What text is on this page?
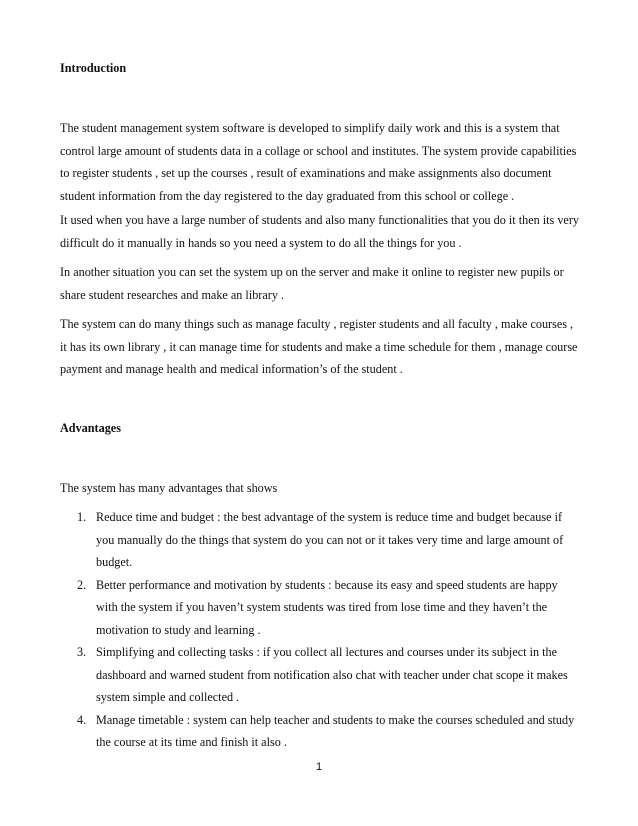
Introduction

The student management system software is developed to simplify daily work and this is a system that control large amount of students data in a collage or school and institutes. The system provide capabilities to register students , set up the courses , result of examinations and make assignments also document student information from the day registered to the day graduated from this school or college .

It used when you have a large number of students and also many functionalities that you do it then its very difficult do it manually in hands so you need a system to do all the things for you .

In another situation you can set the system up on the server and make it online to register new pupils or share student researches and make an library .

The system can do many things such as manage faculty , register students and all faculty , make courses , it has its own library , it can manage time for students and make a time schedule for them , manage course payment and manage health and medical information’s of the student .

Advantages

The system has many advantages that shows

1. Reduce time and budget : the best advantage of the system is reduce time and budget because if you manually do the things that system do you can not or it takes very time and large amount of budget.
2. Better performance and motivation by students : because its easy and speed students are happy with the system if you haven’t system students was tired from lose time and they haven’t the motivation to study and learning .
3. Simplifying and collecting tasks : if you collect all lectures and courses under its subject in the dashboard and warned student from notification also chat with teacher under chat scope it makes system simple and collected .
4. Manage timetable : system can help teacher and students to make the courses scheduled and study the course at its time and finish it also .
1
